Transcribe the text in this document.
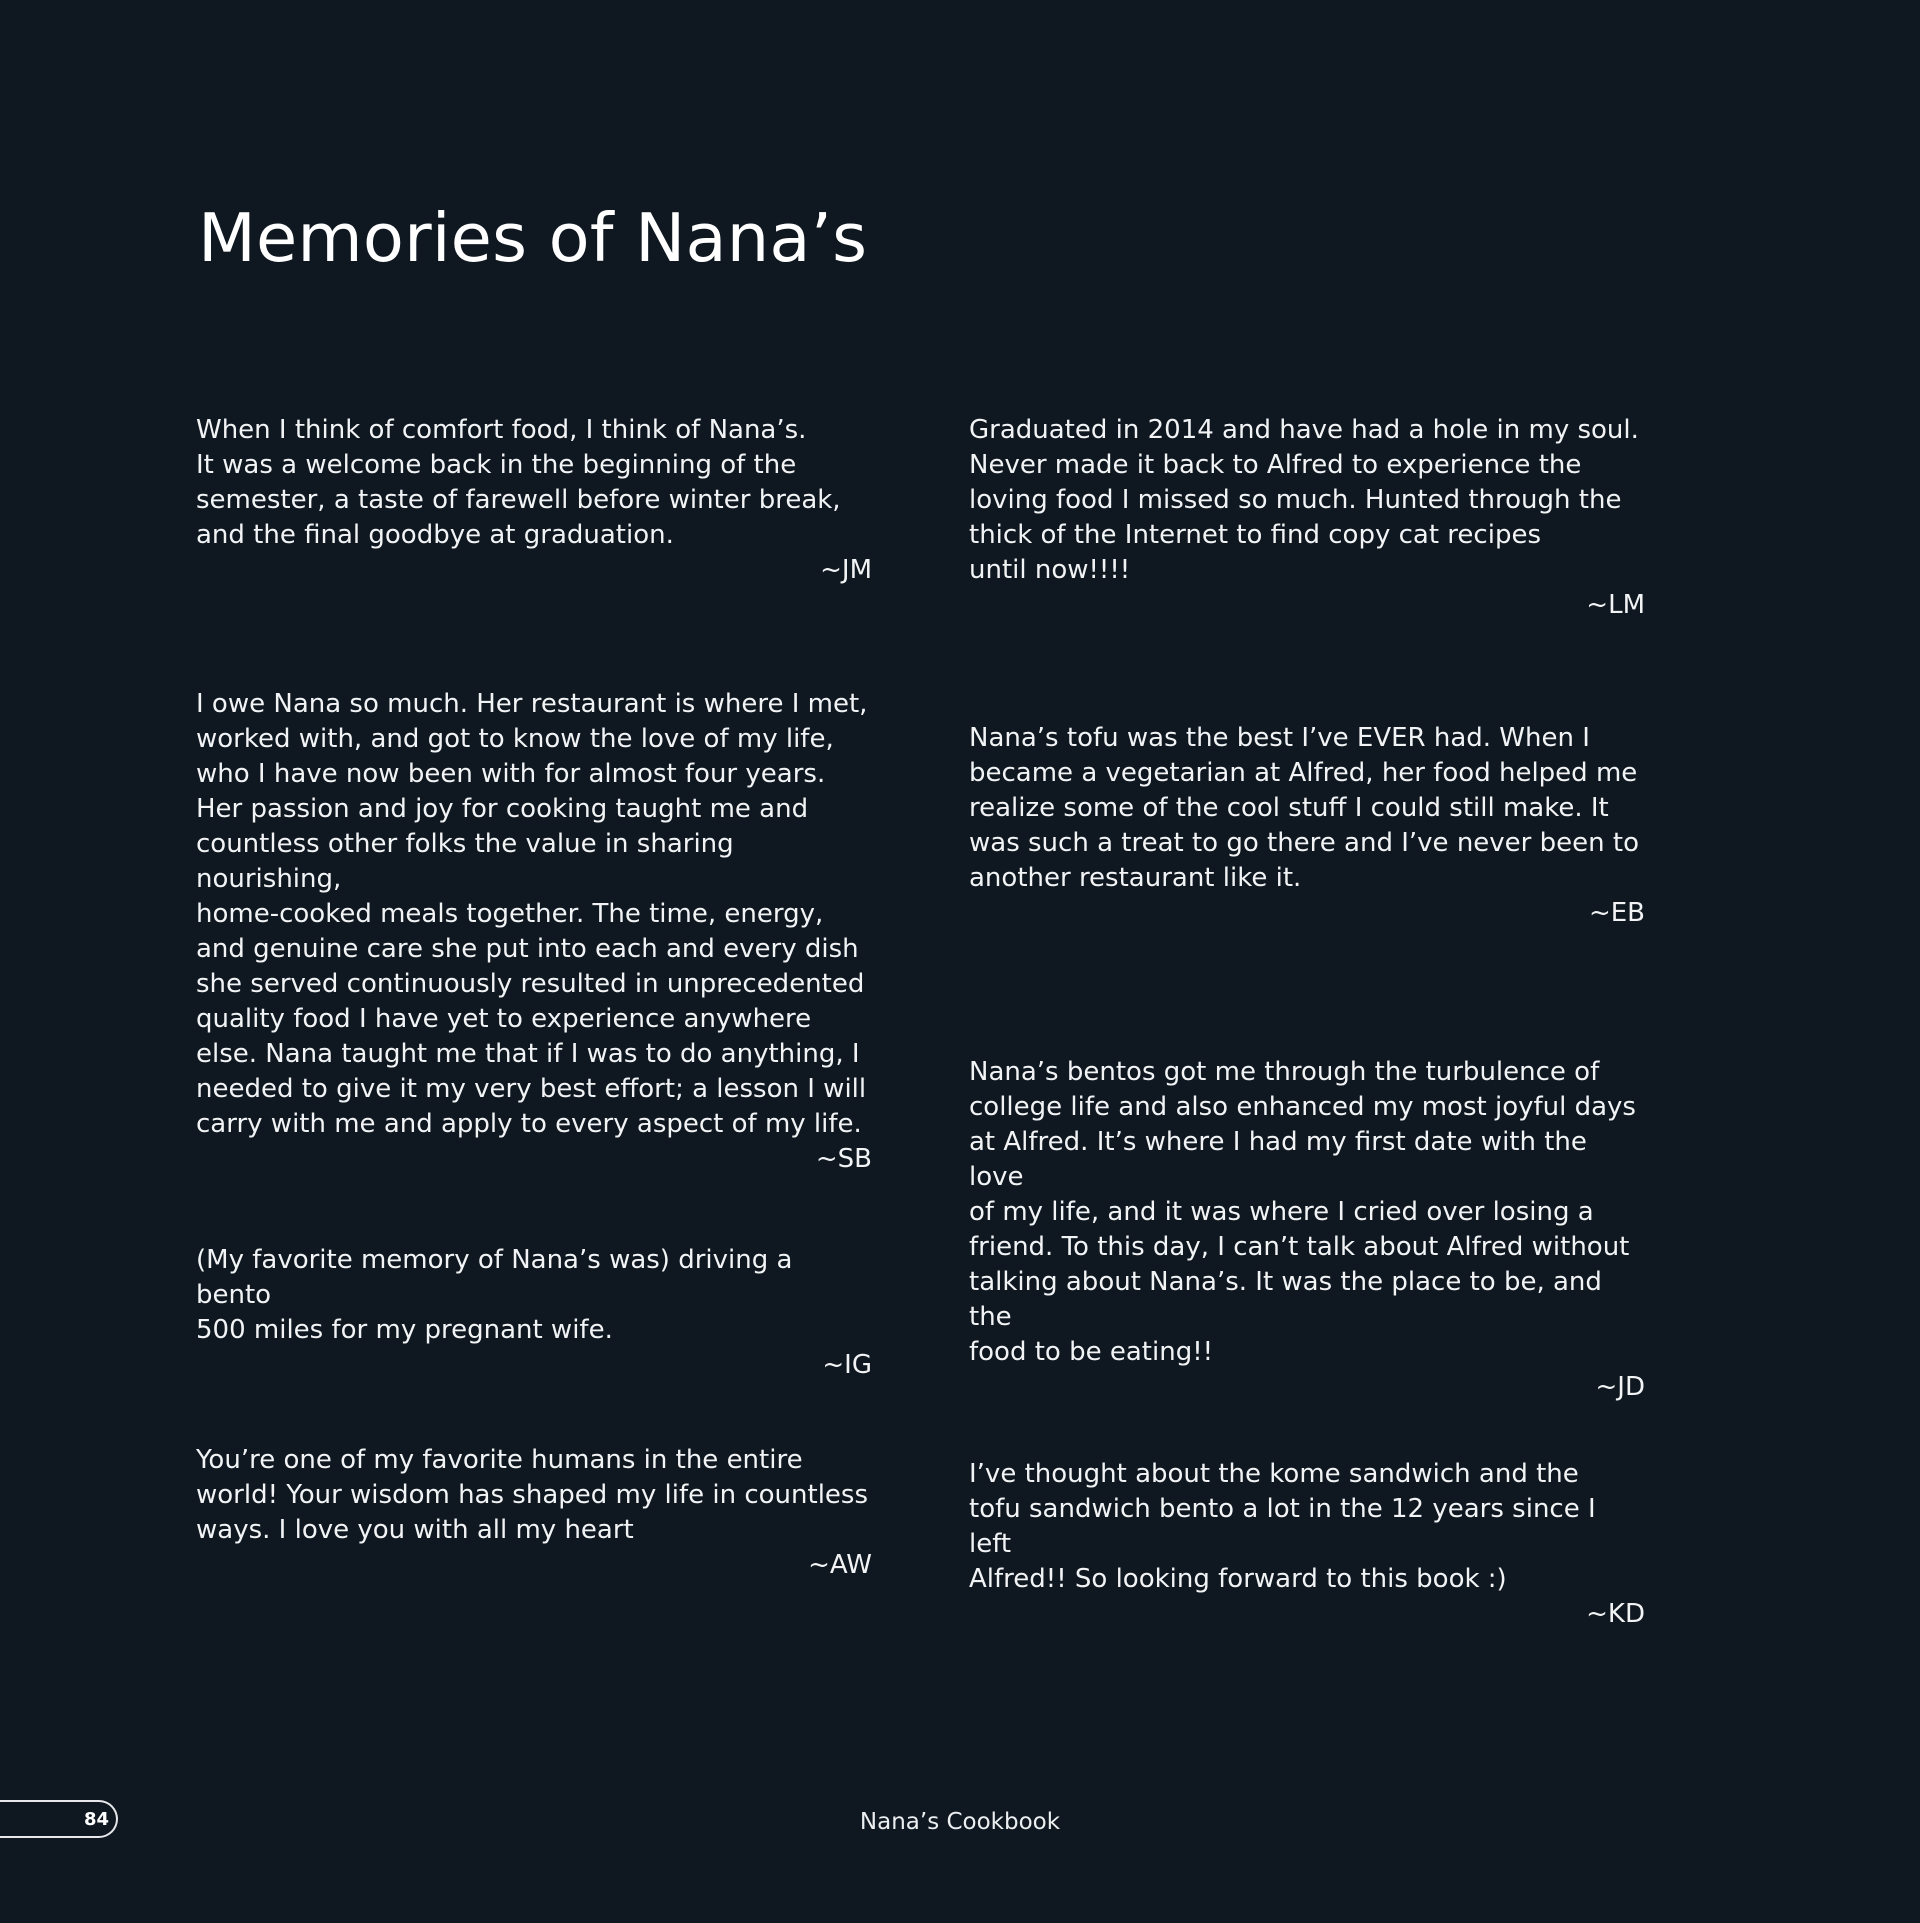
Memories of Nana’s

When I think of comfort food, I think of Nana’s.
It was a welcome back in the beginning of the
semester, a taste of farewell before winter break,
and the final goodbye at graduation.

~JM

I owe Nana so much. Her restaurant is where I met,
worked with, and got to know the love of my life,
who I have now been with for almost four years.
Her passion and joy for cooking taught me and
countless other folks the value in sharing nourishing,
home-cooked meals together. The time, energy,
and genuine care she put into each and every dish
she served continuously resulted in unprecedented
quality food I have yet to experience anywhere
else. Nana taught me that if I was to do anything, I
needed to give it my very best effort; a lesson I will
carry with me and apply to every aspect of my life.

~SB

(My favorite memory of Nana’s was) driving a bento
500 miles for my pregnant wife.

~IG

You’re one of my favorite humans in the entire
world! Your wisdom has shaped my life in countless
ways. I love you with all my heart

~AW

Graduated in 2014 and have had a hole in my soul.
Never made it back to Alfred to experience the
loving food I missed so much. Hunted through the
thick of the Internet to find copy cat recipes
until now!!!!

~LM

Nana’s tofu was the best I’ve EVER had. When I
became a vegetarian at Alfred, her food helped me
realize some of the cool stuff I could still make. It
was such a treat to go there and I’ve never been to
another restaurant like it.

~EB

Nana’s bentos got me through the turbulence of
college life and also enhanced my most joyful days
at Alfred. It’s where I had my first date with the love
of my life, and it was where I cried over losing a
friend. To this day, I can’t talk about Alfred without
talking about Nana’s. It was the place to be, and the
food to be eating!!

~JD

I’ve thought about the kome sandwich and the
tofu sandwich bento a lot in the 12 years since I left
Alfred!! So looking forward to this book :)

~KD
84	Nana’s Cookbook
